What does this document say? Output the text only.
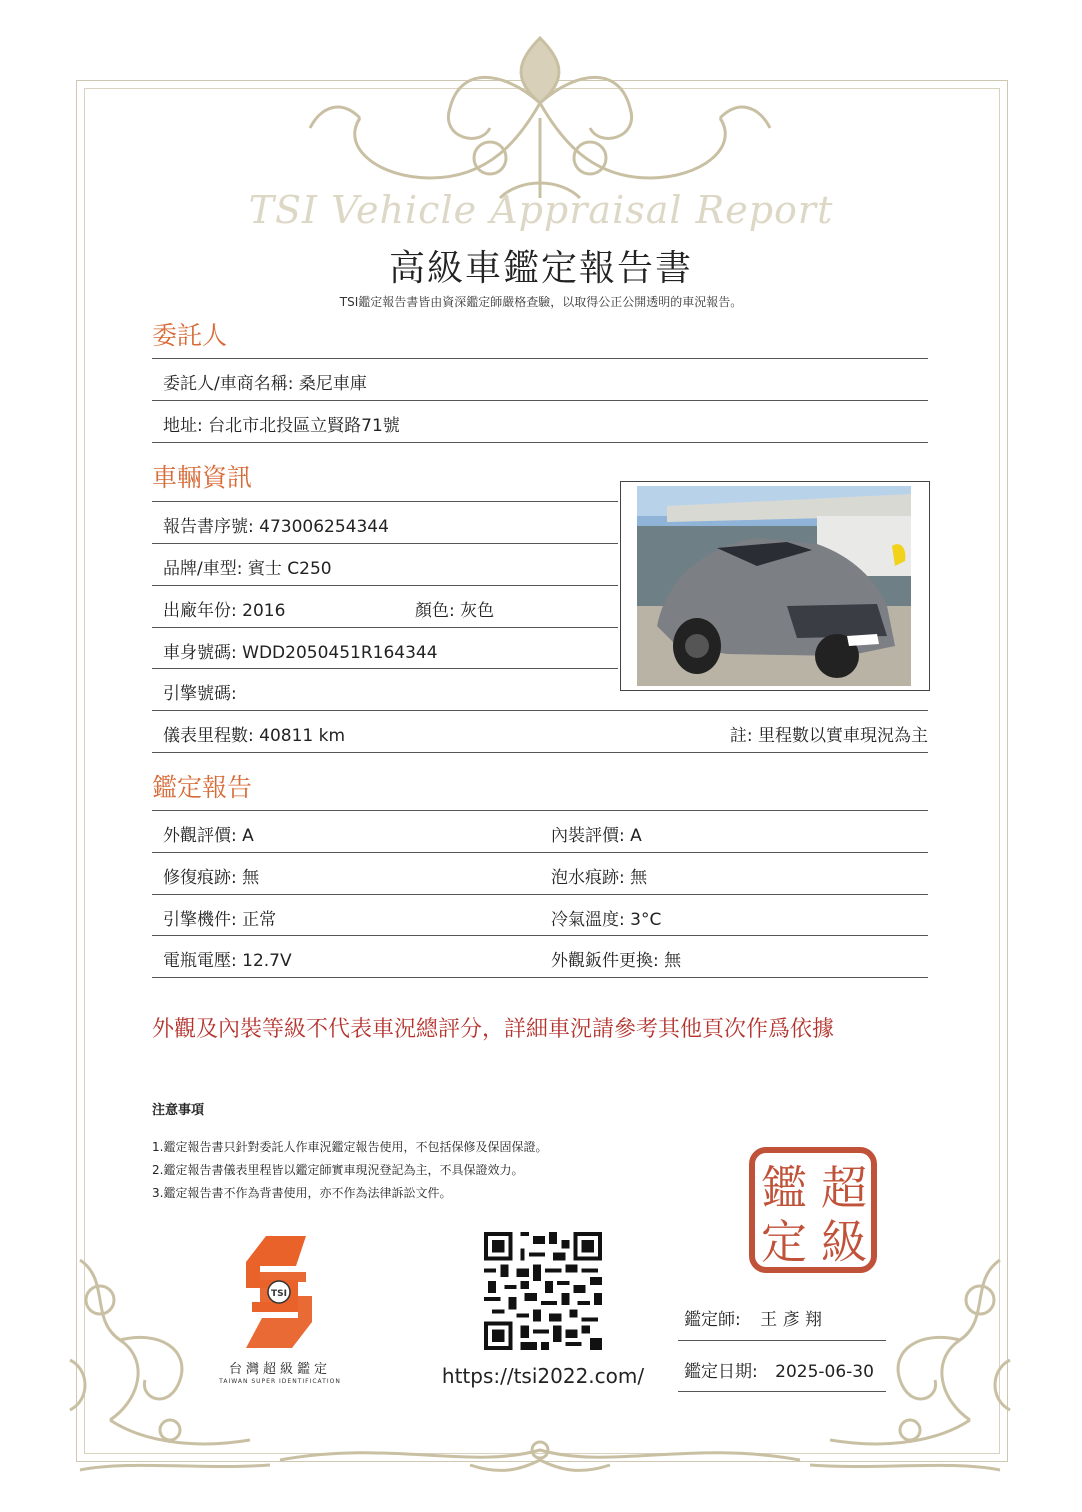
TSI Vehicle Appraisal Report
高級車鑑定報告書
TSI鑑定報告書皆由資深鑑定師嚴格查驗，以取得公正公開透明的車況報告。
委託人
委託人/車商名稱: 桑尼車庫
地址: 台北市北投區立賢路71號
車輛資訊
報告書序號: 473006254344
品牌/車型: 賓士 C250
出廠年份: 2016	顏色: 灰色
車身號碼: WDD2050451R164344
引擎號碼:
儀表里程數: 40811 km	註: 里程數以實車現況為主
鑑定報告
外觀評價: A	內裝評價: A
修復痕跡: 無	泡水痕跡: 無
引擎機件: 正常	冷氣溫度: 3°C
電瓶電壓: 12.7V	外觀鈑件更換: 無
外觀及內裝等級不代表車況總評分，詳細車況請參考其他頁次作爲依據
注意事項
1.鑑定報告書只針對委託人作車況鑑定報告使用，不包括保修及保固保證。
2.鑑定報告書儀表里程皆以鑑定師實車現況登記為主，不具保證效力。
3.鑑定報告書不作為背書使用，亦不作為法律訴訟文件。	超
鑑
級
定
TSI
台灣超級鑑定
TAIWAN SUPER IDENTIFICATION	https://tsi2022.com/
鑑定師: 王 彥 翔
鑑定日期: 2025-06-30
